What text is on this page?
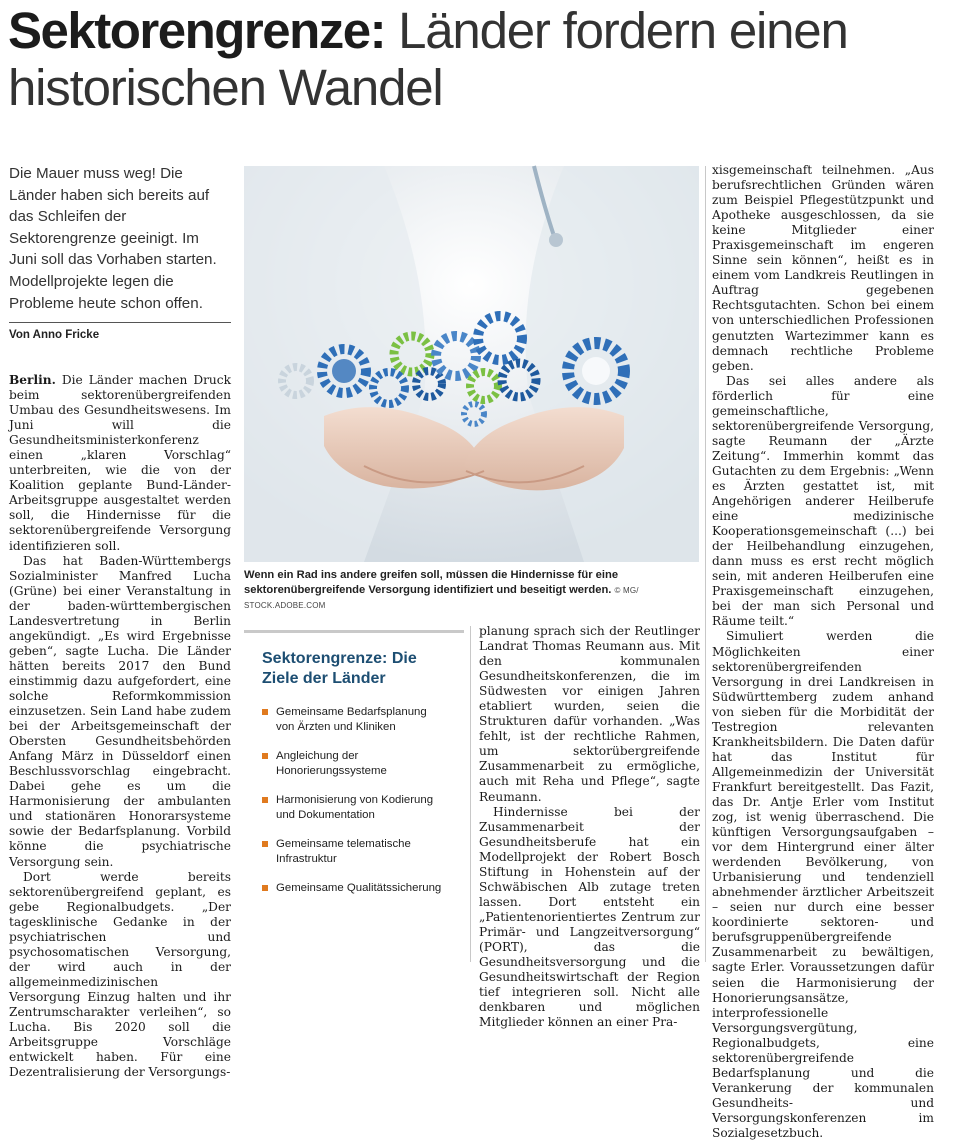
Sektorengrenze: Länder fordern einen historischen Wandel
Die Mauer muss weg! Die Länder haben sich bereits auf das Schleifen der Sektorengrenze geeinigt. Im Juni soll das Vorhaben starten. Modellprojekte legen die Probleme heute schon offen.
Von Anno Fricke

Berlin. Die Länder machen Druck beim sektorenübergreifenden Umbau des Gesundheitswesens. Im Juni will die Gesundheitsministerkonferenz einen „klaren Vorschlag“ unterbreiten, wie die von der Koalition geplante Bund-Länder-Arbeitsgruppe ausgestaltet werden soll, die Hindernisse für die sektorenübergreifende Versorgung identifizieren soll.

Das hat Baden-Württembergs Sozialminister Manfred Lucha (Grüne) bei einer Veranstaltung in der baden-württembergischen Landesvertretung in Berlin angekündigt. „Es wird Ergebnisse geben“, sagte Lucha. Die Länder hätten bereits 2017 den Bund einstimmig dazu aufgefordert, eine solche Reformkommission einzusetzen. Sein Land habe zudem bei der Arbeitsgemeinschaft der Obersten Gesundheitsbehörden Anfang März in Düsseldorf einen Beschlussvorschlag eingebracht. Dabei gehe es um die Harmonisierung der ambulanten und stationären Honorarsysteme sowie der Bedarfsplanung. Vorbild könne die psychiatrische Versorgung sein.

Dort werde bereits sektorenübergreifend geplant, es gebe Regionalbudgets. „Der tagesklinische Gedanke in der psychiatrischen und psychosomatischen Versorgung, der wird auch in der allgemeinmedizinischen Versorgung Einzug halten und ihr Zentrumscharakter verleihen“, so Lucha. Bis 2020 soll die Arbeitsgruppe Vorschläge entwickelt haben. Für eine Dezentralisierung der Versorgungs-

Wenn ein Rad ins andere greifen soll, müssen die Hindernisse für eine sektorenübergreifende Versorgung identifiziert und beseitigt werden. © MG/ STOCK.ADOBE.COM
Sektorengrenze: Die Ziele der Länder
Gemeinsame Bedarfsplanung von Ärzten und Kliniken
Angleichung der Honorierungssysteme
Harmonisierung von Kodierung und Dokumentation
Gemeinsame telematische Infrastruktur
Gemeinsame Qualitätssicherung

planung sprach sich der Reutlinger Landrat Thomas Reumann aus. Mit den kommunalen Gesundheitskonferenzen, die im Südwesten vor einigen Jahren etabliert wurden, seien die Strukturen dafür vorhanden. „Was fehlt, ist der rechtliche Rahmen, um sektorübergreifende Zusammenarbeit zu ermögliche, auch mit Reha und Pflege“, sagte Reumann.

Hindernisse bei der Zusammenarbeit der Gesundheitsberufe hat ein Modellprojekt der Robert Bosch Stiftung in Hohenstein auf der Schwäbischen Alb zutage treten lassen. Dort entsteht ein „Patientenorientiertes Zentrum zur Primär- und Langzeitversorgung“ (PORT), das die Gesundheitsversorgung und die Gesundheitswirtschaft der Region tief integrieren soll. Nicht alle denkbaren und möglichen Mitglieder können an einer Pra-

xisgemeinschaft teilnehmen. „Aus berufsrechtlichen Gründen wären zum Beispiel Pflegestützpunkt und Apotheke ausgeschlossen, da sie keine Mitglieder einer Praxisgemeinschaft im engeren Sinne sein können“, heißt es in einem vom Landkreis Reutlingen in Auftrag gegebenen Rechtsgutachten. Schon bei einem von unterschiedlichen Professionen genutzten Wartezimmer kann es demnach rechtliche Probleme geben.

Das sei alles andere als förderlich für eine gemeinschaftliche, sektorenübergreifende Versorgung, sagte Reumann der „Ärzte Zeitung“. Immerhin kommt das Gutachten zu dem Ergebnis: „Wenn es Ärzten gestattet ist, mit Angehörigen anderer Heilberufe eine medizinische Kooperationsgemeinschaft (...) bei der Heilbehandlung einzugehen, dann muss es erst recht möglich sein, mit anderen Heilberufen eine Praxisgemeinschaft einzugehen, bei der man sich Personal und Räume teilt.“

Simuliert werden die Möglichkeiten einer sektorenübergreifenden Versorgung in drei Landkreisen in Südwürttemberg zudem anhand von sieben für die Morbidität der Testregion relevanten Krankheitsbildern. Die Daten dafür hat das Institut für Allgemeinmedizin der Universität Frankfurt bereitgestellt. Das Fazit, das Dr. Antje Erler vom Institut zog, ist wenig überraschend. Die künftigen Versorgungsaufgaben – vor dem Hintergrund einer älter werdenden Bevölkerung, von Urbanisierung und tendenziell abnehmender ärztlicher Arbeitszeit – seien nur durch eine besser koordinierte sektoren- und berufsgruppenübergreifende Zusammenarbeit zu bewältigen, sagte Erler. Voraussetzungen dafür seien die Harmonisierung der Honorierungsansätze, interprofessionelle Versorgungsvergütung, Regionalbudgets, eine sektorenübergreifende Bedarfsplanung und die Verankerung der kommunalen Gesundheits- und Versorgungskonferenzen im Sozialgesetzbuch.
